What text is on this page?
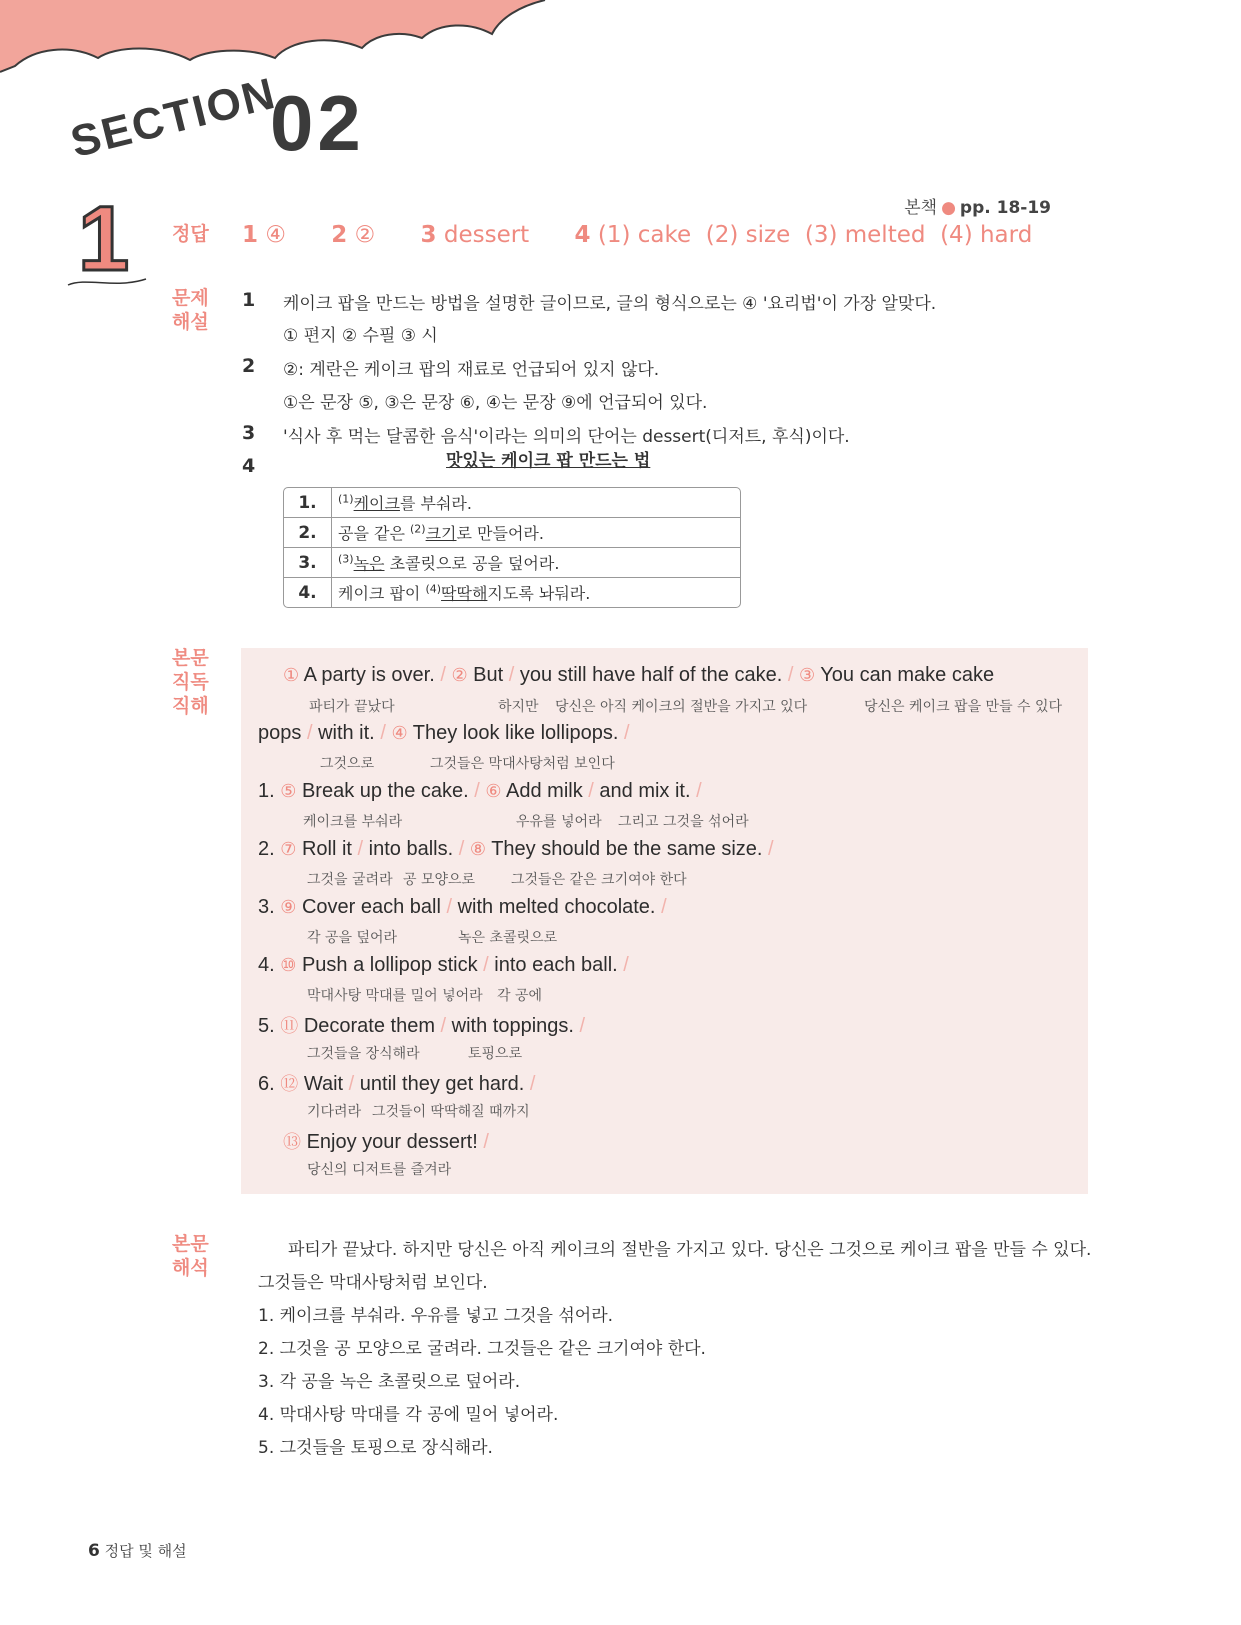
SECTION
02
본책 ● pp. 18-19
1 정답
문제
해설
본문
직독
직해
본문
해석
1 ④ 2 ② 3 dessert 4 (1) cake  (2) size  (3) melted  (4) hard
1 케이크 팝을 만드는 방법을 설명한 글이므로, 글의 형식으로는 ④ '요리법'이 가장 알맞다.
① 편지 ② 수필 ③ 시
2 ②: 계란은 케이크 팝의 재료로 언급되어 있지 않다.
①은 문장 ⑤, ③은 문장 ⑥, ④는 문장 ⑨에 언급되어 있다.
3 '식사 후 먹는 달콤한 음식'이라는 의미의 단어는 dessert(디저트, 후식)이다.
4	맛있는 케이크 팝 만드는 법
1.	$^{(1)}$케이크를 부숴라.
2.	공을 같은 $^{(2)}$크기로 만들어라.
3.	$^{(3)}$녹은 초콜릿으로 공을 덮어라.
4.	케이크 팝이 $^{(4)}$딱딱해지도록 놔둬라.
① A party is over. / ② But / you still have half of the cake. / ③ You can make cake
파티가 끝났다	하지만 당신은 아직 케이크의 절반을 가지고 있다	당신은 케이크 팝을 만들 수 있다
pops / with it. / ④ They look like lollipops. /
그것으로	그것들은 막대사탕처럼 보인다
1. ⑤ Break up the cake. / ⑥ Add milk / and mix it. /
케이크를 부숴라	우유를 넣어라 그리고 그것을 섞어라
2. ⑦ Roll it / into balls. / ⑧ They should be the same size. /
그것을 굴려라 공 모양으로	그것들은 같은 크기여야 한다
3. ⑨ Cover each ball / with melted chocolate. /
각 공을 덮어라	녹은 초콜릿으로
4. ⑩ Push a lollipop stick / into each ball. /
막대사탕 막대를 밀어 넣어라 각 공에
5. ⑪ Decorate them / with toppings. /
그것들을 장식해라	토핑으로
6. ⑫ Wait / until they get hard. /
기다려라 그것들이 딱딱해질 때까지
⑬ Enjoy your dessert! /
당신의 디저트를 즐겨라
파티가 끝났다. 하지만 당신은 아직 케이크의 절반을 가지고 있다. 당신은 그것으로 케이크 팝을 만들 수 있다.
그것들은 막대사탕처럼 보인다.
1. 케이크를 부숴라. 우유를 넣고 그것을 섞어라.
2. 그것을 공 모양으로 굴려라. 그것들은 같은 크기여야 한다.
3. 각 공을 녹은 초콜릿으로 덮어라.
4. 막대사탕 막대를 각 공에 밀어 넣어라.
5. 그것들을 토핑으로 장식해라.
6 정답 및 해설
